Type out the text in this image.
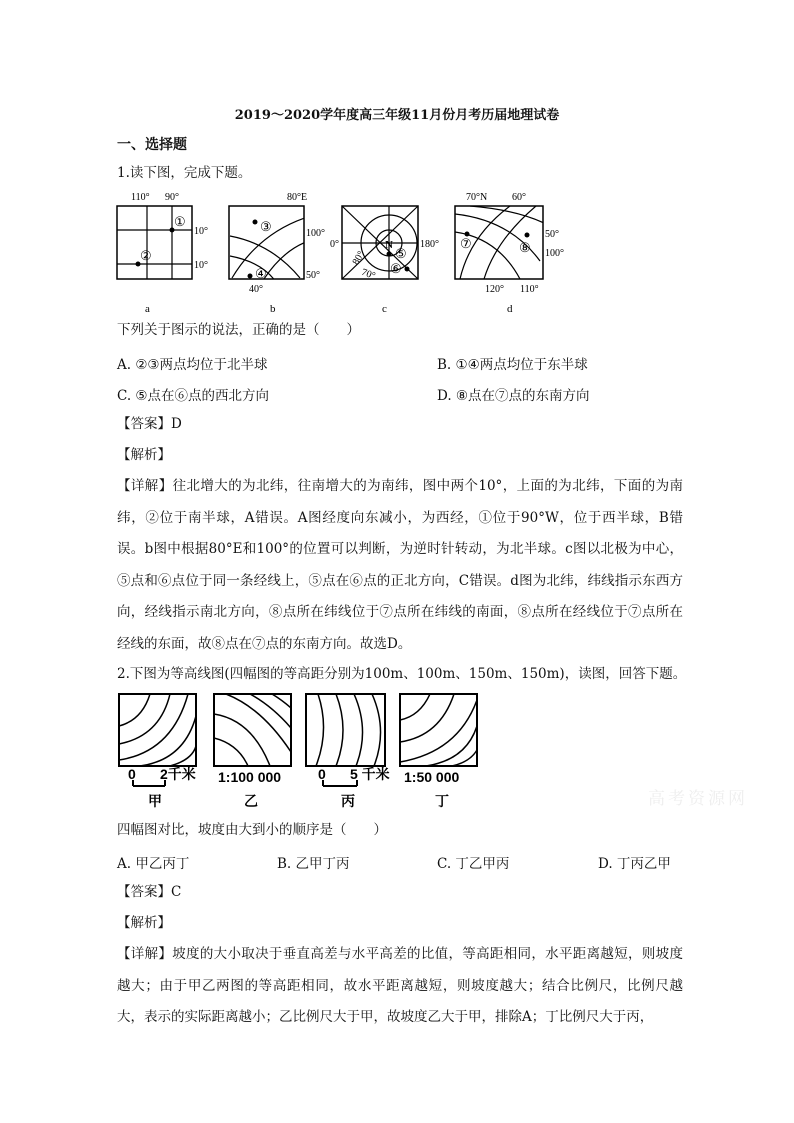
2019～2020学年度高三年级11月份月考历届地理试卷
一、选择题
1.读下图，完成下题。
110° 90°
10°
10°
①
②
80°E
100°
50°
40°
③
④
0°	180°
N
80°
70°
⑤
⑥
70°N 60°
50°
100°
120° 110°
⑦	⑧
a	b	c	d
下列关于图示的说法，正确的是（　　）
A. ②③两点均位于北半球	B. ①④两点均位于东半球
C. ⑤点在⑥点的西北方向	D. ⑧点在⑦点的东南方向
【答案】D
【解析】
【详解】往北增大的为北纬，往南增大的为南纬，图中两个10°，上面的为北纬，下面的为南纬，②位于南半球，A错误。A图经度向东减小，为西经，①位于90°W，位于西半球，B错误。b图中根据80°E和100°的位置可以判断，为逆时针转动，为北半球。c图以北极为中心，⑤点和⑥点位于同一条经线上，⑤点在⑥点的正北方向，C错误。d图为北纬，纬线指示东西方向，经线指示南北方向，⑧点所在纬线位于⑦点所在纬线的南面，⑧点所在经线位于⑦点所在经线的东面，故⑧点在⑦点的东南方向。故选D。
2.下图为等高线图(四幅图的等高距分别为100m、100m、150m、150m)，读图，回答下题。
0 2千米
甲
1:100 000
乙
0 5 千米
丙
1:50 000
丁	高考资源网
四幅图对比，坡度由大到小的顺序是（　　）
A. 甲乙丙丁	B. 乙甲丁丙	C. 丁乙甲丙	D. 丁丙乙甲
【答案】C
【解析】
【详解】坡度的大小取决于垂直高差与水平高差的比值，等高距相同，水平距离越短，则坡度越大；由于甲乙两图的等高距相同，故水平距离越短，则坡度越大；结合比例尺，比例尺越大，表示的实际距离越小；乙比例尺大于甲，故坡度乙大于甲，排除A；丁比例尺大于丙，
